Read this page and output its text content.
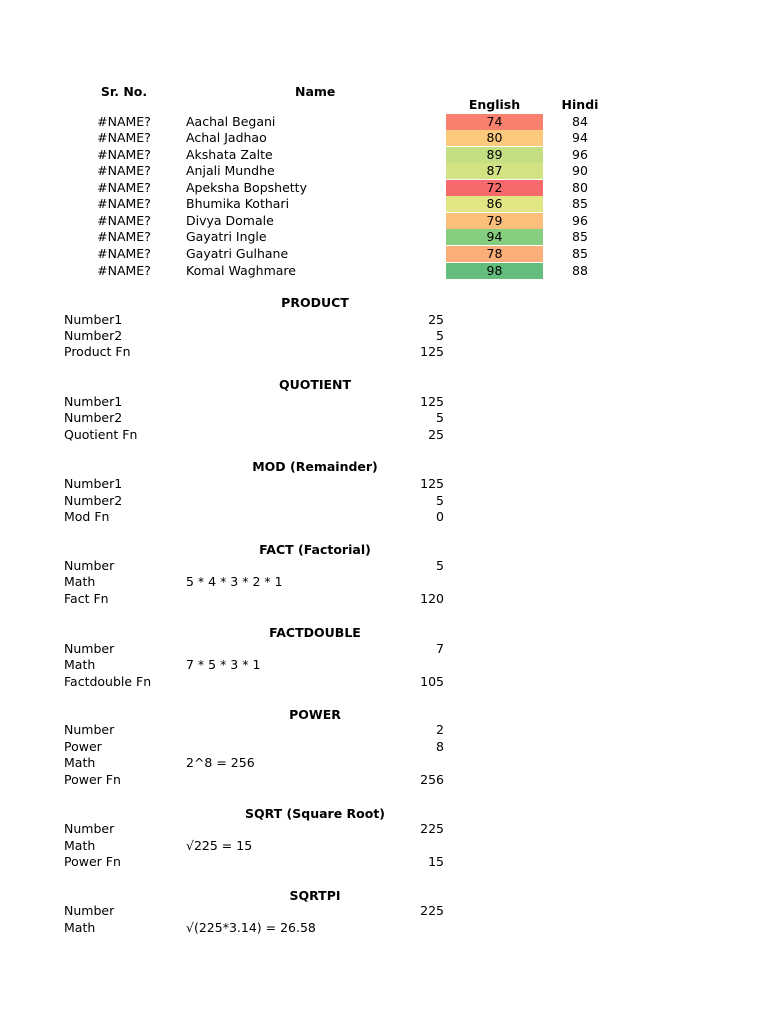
Sr. No.	Name
English	Hindi
#NAME?	Aachal Begani	74	84
#NAME?	Achal Jadhao	80	94
#NAME?	Akshata Zalte	89	96
#NAME?	Anjali Mundhe	87	90
#NAME?	Apeksha Bopshetty	72	80
#NAME?	Bhumika Kothari	86	85
#NAME?	Divya Domale	79	96
#NAME?	Gayatri Ingle	94	85
#NAME?	Gayatri Gulhane	78	85
#NAME?	Komal Waghmare	98	88
PRODUCT
Number1	25
Number2	5
Product Fn	125
QUOTIENT
Number1	125
Number2	5
Quotient Fn	25
MOD (Remainder)
Number1	125
Number2	5
Mod Fn	0
FACT (Factorial)
Number	5
Math	5 * 4 * 3 * 2 * 1
Fact Fn	120
FACTDOUBLE
Number	7
Math	7 * 5 * 3 * 1
Factdouble Fn	105
POWER
Number	2
Power	8
Math	2^8 = 256
Power Fn	256
SQRT (Square Root)
Number	225
Math	√225 = 15
Power Fn	15
SQRTPI
Number	225
Math	√(225*3.14) = 26.58
